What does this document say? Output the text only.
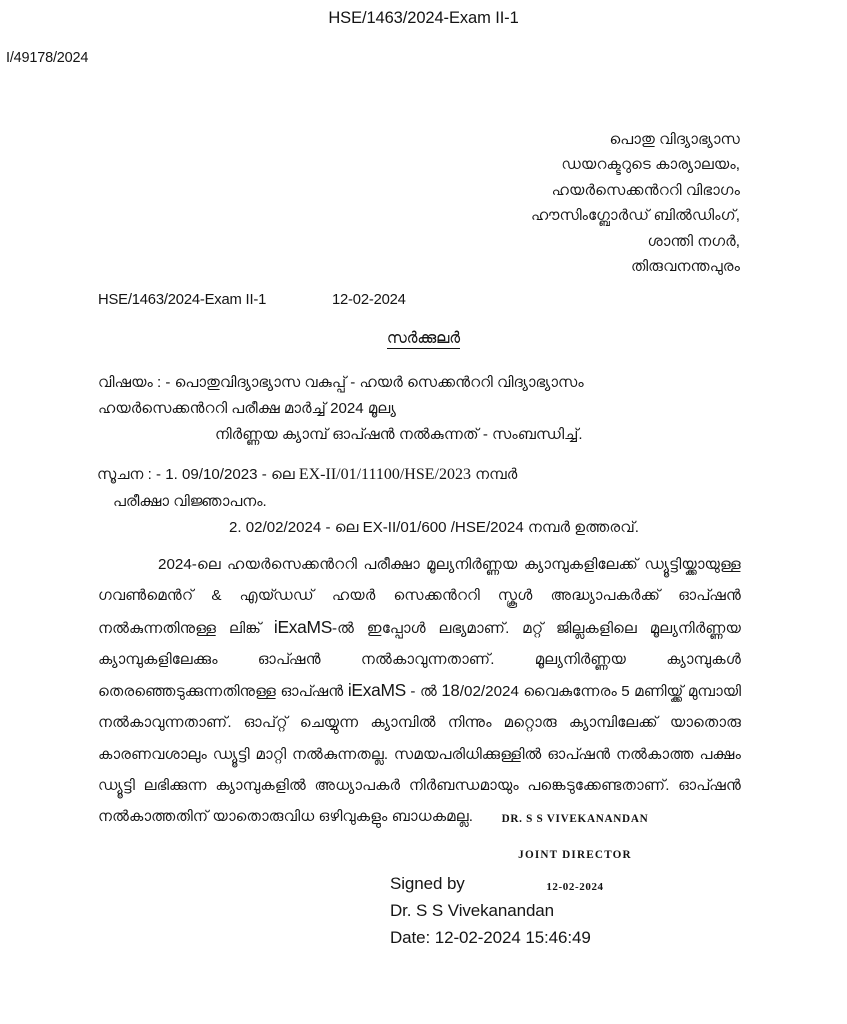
HSE/1463/2024-Exam II-1
I/49178/2024
പൊതു വിദ്യാഭ്യാസ
ഡയറക്ടറുടെ കാര്യാലയം,
ഹയർസെക്കൻററി വിഭാഗം
ഹൗസിംഗ്ബോർഡ് ബിൽഡിംഗ്,
ശാന്തി നഗർ,
തിരുവനന്തപുരം
HSE/1463/2024-Exam II-1	12-02-2024
സർക്കുലർ
വിഷയം : - പൊതുവിദ്യാഭ്യാസ വകുപ്പ് - ഹയർ സെക്കൻററി വിദ്യാഭ്യാസം
ഹയർസെക്കൻററി പരീക്ഷ മാർച്ച് 2024 മൂല്യ
നിർണ്ണയ ക്യാമ്പ് ഓപ്ഷൻ നൽകുന്നത് - സംബന്ധിച്ച്.
സൂചന : - 1. 09/10/2023 - ലെ EX-II/01/11100/HSE/2023 നമ്പർ
പരീക്ഷാ വിജ്ഞാപനം.
2. 02/02/2024 - ലെ EX-II/01/600 /HSE/2024 നമ്പർ ഉത്തരവ്.
2024-ലെ ഹയർസെക്കൻററി പരീക്ഷാ മൂല്യനിർണ്ണയ ക്യാമ്പുകളിലേക്ക് ഡ്യൂട്ടിയ്ക്കായുള്ള ഗവൺമെൻറ് & എയ്ഡഡ് ഹയർ സെക്കൻററി സ്കൂൾ അദ്ധ്യാപകർക്ക് ഓപ്ഷൻ നൽകുന്നതിനുള്ള ലിങ്ക് iExaMS-ൽ ഇപ്പോൾ ലഭ്യമാണ്. മറ്റ് ജില്ലകളിലെ മൂല്യനിർണ്ണയ ക്യാമ്പുകളിലേക്കും ഓപ്ഷൻ നൽകാവുന്നതാണ്. മൂല്യനിർണ്ണയ ക്യാമ്പുകൾ തെരഞ്ഞെടുക്കുന്നതിനുള്ള ഓപ്ഷൻ iExaMS - ൽ 18/02/2024 വൈകുന്നേരം 5 മണിയ്ക്ക് മുമ്പായി നൽകാവുന്നതാണ്. ഓപ്റ്റ് ചെയ്യുന്ന ക്യാമ്പിൽ നിന്നും മറ്റൊരു ക്യാമ്പിലേക്ക് യാതൊരു കാരണവശാലും ഡ്യൂട്ടി മാറ്റി നൽകുന്നതല്ല. സമയപരിധിക്കുള്ളിൽ ഓപ്ഷൻ നൽകാത്ത പക്ഷം ഡ്യൂട്ടി ലഭിക്കുന്ന ക്യാമ്പുകളിൽ അധ്യാപകർ നിർബന്ധമായും പങ്കെടുക്കേണ്ടതാണ്. ഓപ്ഷൻ നൽകാത്തതിന് യാതൊരുവിധ ഒഴിവുകളും ബാധകമല്ല.	DR. S S VIVEKANANDAN
JOINT DIRECTOR
12-02-2024
Signed by
Dr. S S Vivekanandan
Date: 12-02-2024 15:46:49
